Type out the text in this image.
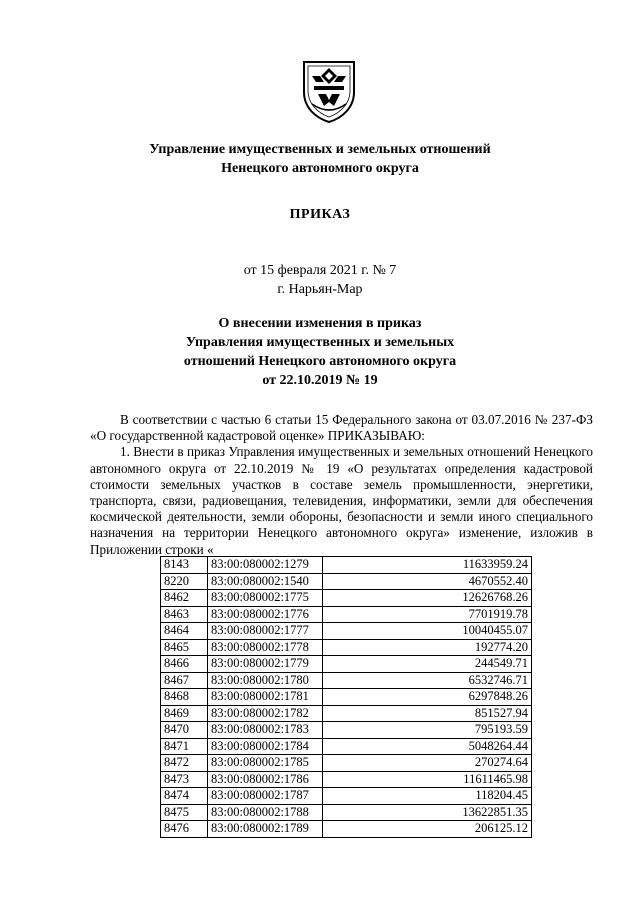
Управление имущественных и земельных отношений
Ненецкого автономного округа
ПРИКАЗ
от 15 февраля 2021 г. № 7
г. Нарьян-Мар
О внесении изменения в приказ
Управления имущественных и земельных
отношений Ненецкого автономного округа
от 22.10.2019 № 19

В соответствии с частью 6 статьи 15 Федерального закона от 03.07.2016 № 237-ФЗ «О государственной кадастровой оценке» ПРИКАЗЫВАЮ:

1. Внести в приказ Управления имущественных и земельных отношений Ненецкого автономного округа от 22.10.2019 № 19 «О результатах определения кадастровой стоимости земельных участков в составе земель промышленности, энергетики, транспорта, связи, радиовещания, телевидения, информатики, земли для обеспечения космической деятельности, земли обороны, безопасности и земли иного специального назначения на территории Ненецкого автономного округа» изменение, изложив в Приложении строки «

8143	83:00:080002:1279	11633959.24
8220	83:00:080002:1540	4670552.40
8462	83:00:080002:1775	12626768.26
8463	83:00:080002:1776	7701919.78
8464	83:00:080002:1777	10040455.07
8465	83:00:080002:1778	192774.20
8466	83:00:080002:1779	244549.71
8467	83:00:080002:1780	6532746.71
8468	83:00:080002:1781	6297848.26
8469	83:00:080002:1782	851527.94
8470	83:00:080002:1783	795193.59
8471	83:00:080002:1784	5048264.44
8472	83:00:080002:1785	270274.64
8473	83:00:080002:1786	11611465.98
8474	83:00:080002:1787	118204.45
8475	83:00:080002:1788	13622851.35
8476	83:00:080002:1789	206125.12
